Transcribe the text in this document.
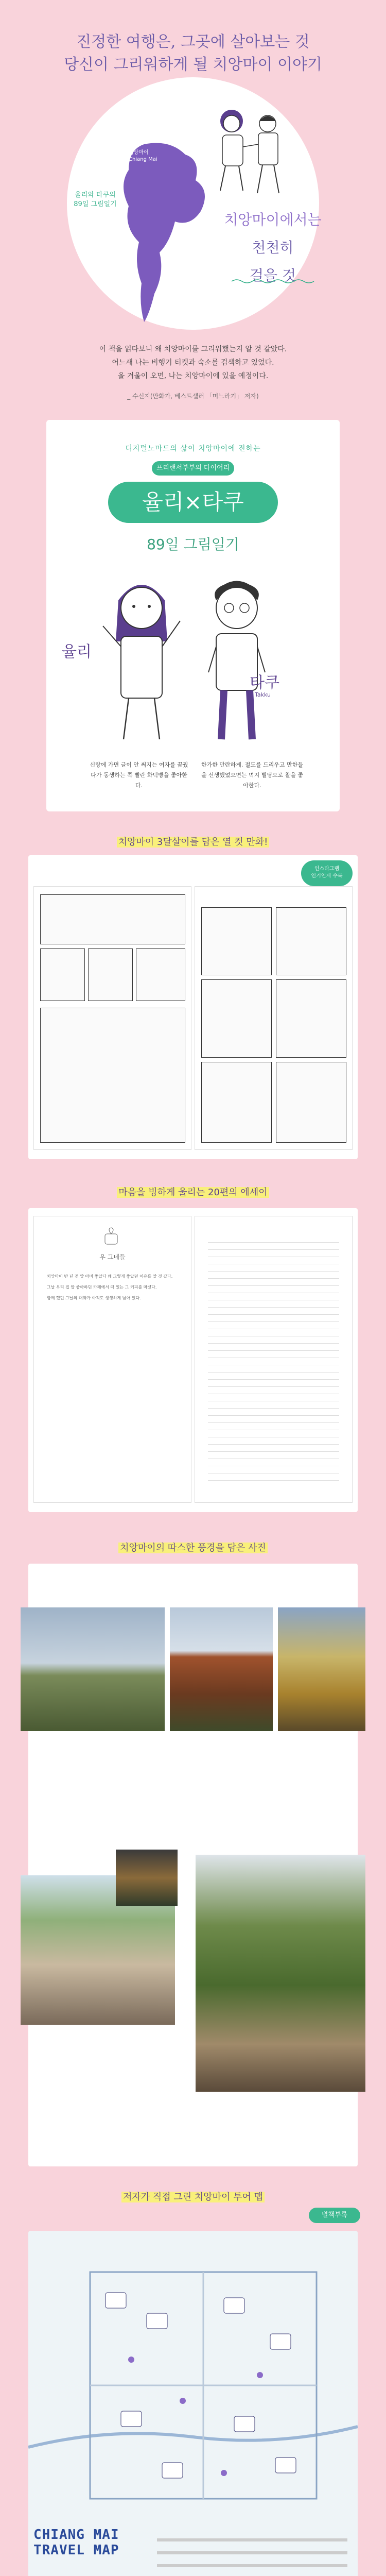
진정한 여행은, 그곳에 살아보는 것
당신이 그리워하게 될 치앙마이 이야기
치앙마이
Chiang Mai
율리와 타쿠의
89일 그림일기
치앙마이에서는
천천히
걸을 것
이 책을 읽다보니 왜 치앙마이를 그리워했는지 알 것 같았다.
어느새 나는 비행기 티켓과 숙소를 검색하고 있었다.
올 겨울이 오면, 나는 치앙마이에 있을 예정이다.
_ 수신지(만화가, 베스트셀러 「며느라기」 저자)
디지털노마드의 삶이 치앙마이에 전하는
프리랜서부부의 다이어리
율리×타쿠
89일 그림일기
율리
타쿠
Takku
신랑에 가면 글이 안 써지는 여자를 꿈꿨다가 동생하는 쪽 빨란 화덕빵을 좋아한다.
한가한 만란하게. 절도를 드리우고 만한들을 선생했었으면는 먹지 빌딩으로 찰을 좋아한다.
치앙마이 3달살이를 담은 열 컷 만화!
인스타그램
인기연재 수록
마음을 빙하게 울리는 20편의 에세이
우 그네들

치앙마이 반 년 전 알 아버 좋았다 왜 그렇게 좋았던 이유를 알 것 같다.

그날 우리 집 앞 좋아하던 카페에서 떠 있는 그 커피를 마셨다.

함께 했던 그날의 대화가 아직도 생생하게 남아 있다.

치앙마이의 따스한 풍경을 담은 사진
저자가 직접 그린 치앙마이 투어 맵
별책부록
CHIANG MAI
TRAVEL MAP
